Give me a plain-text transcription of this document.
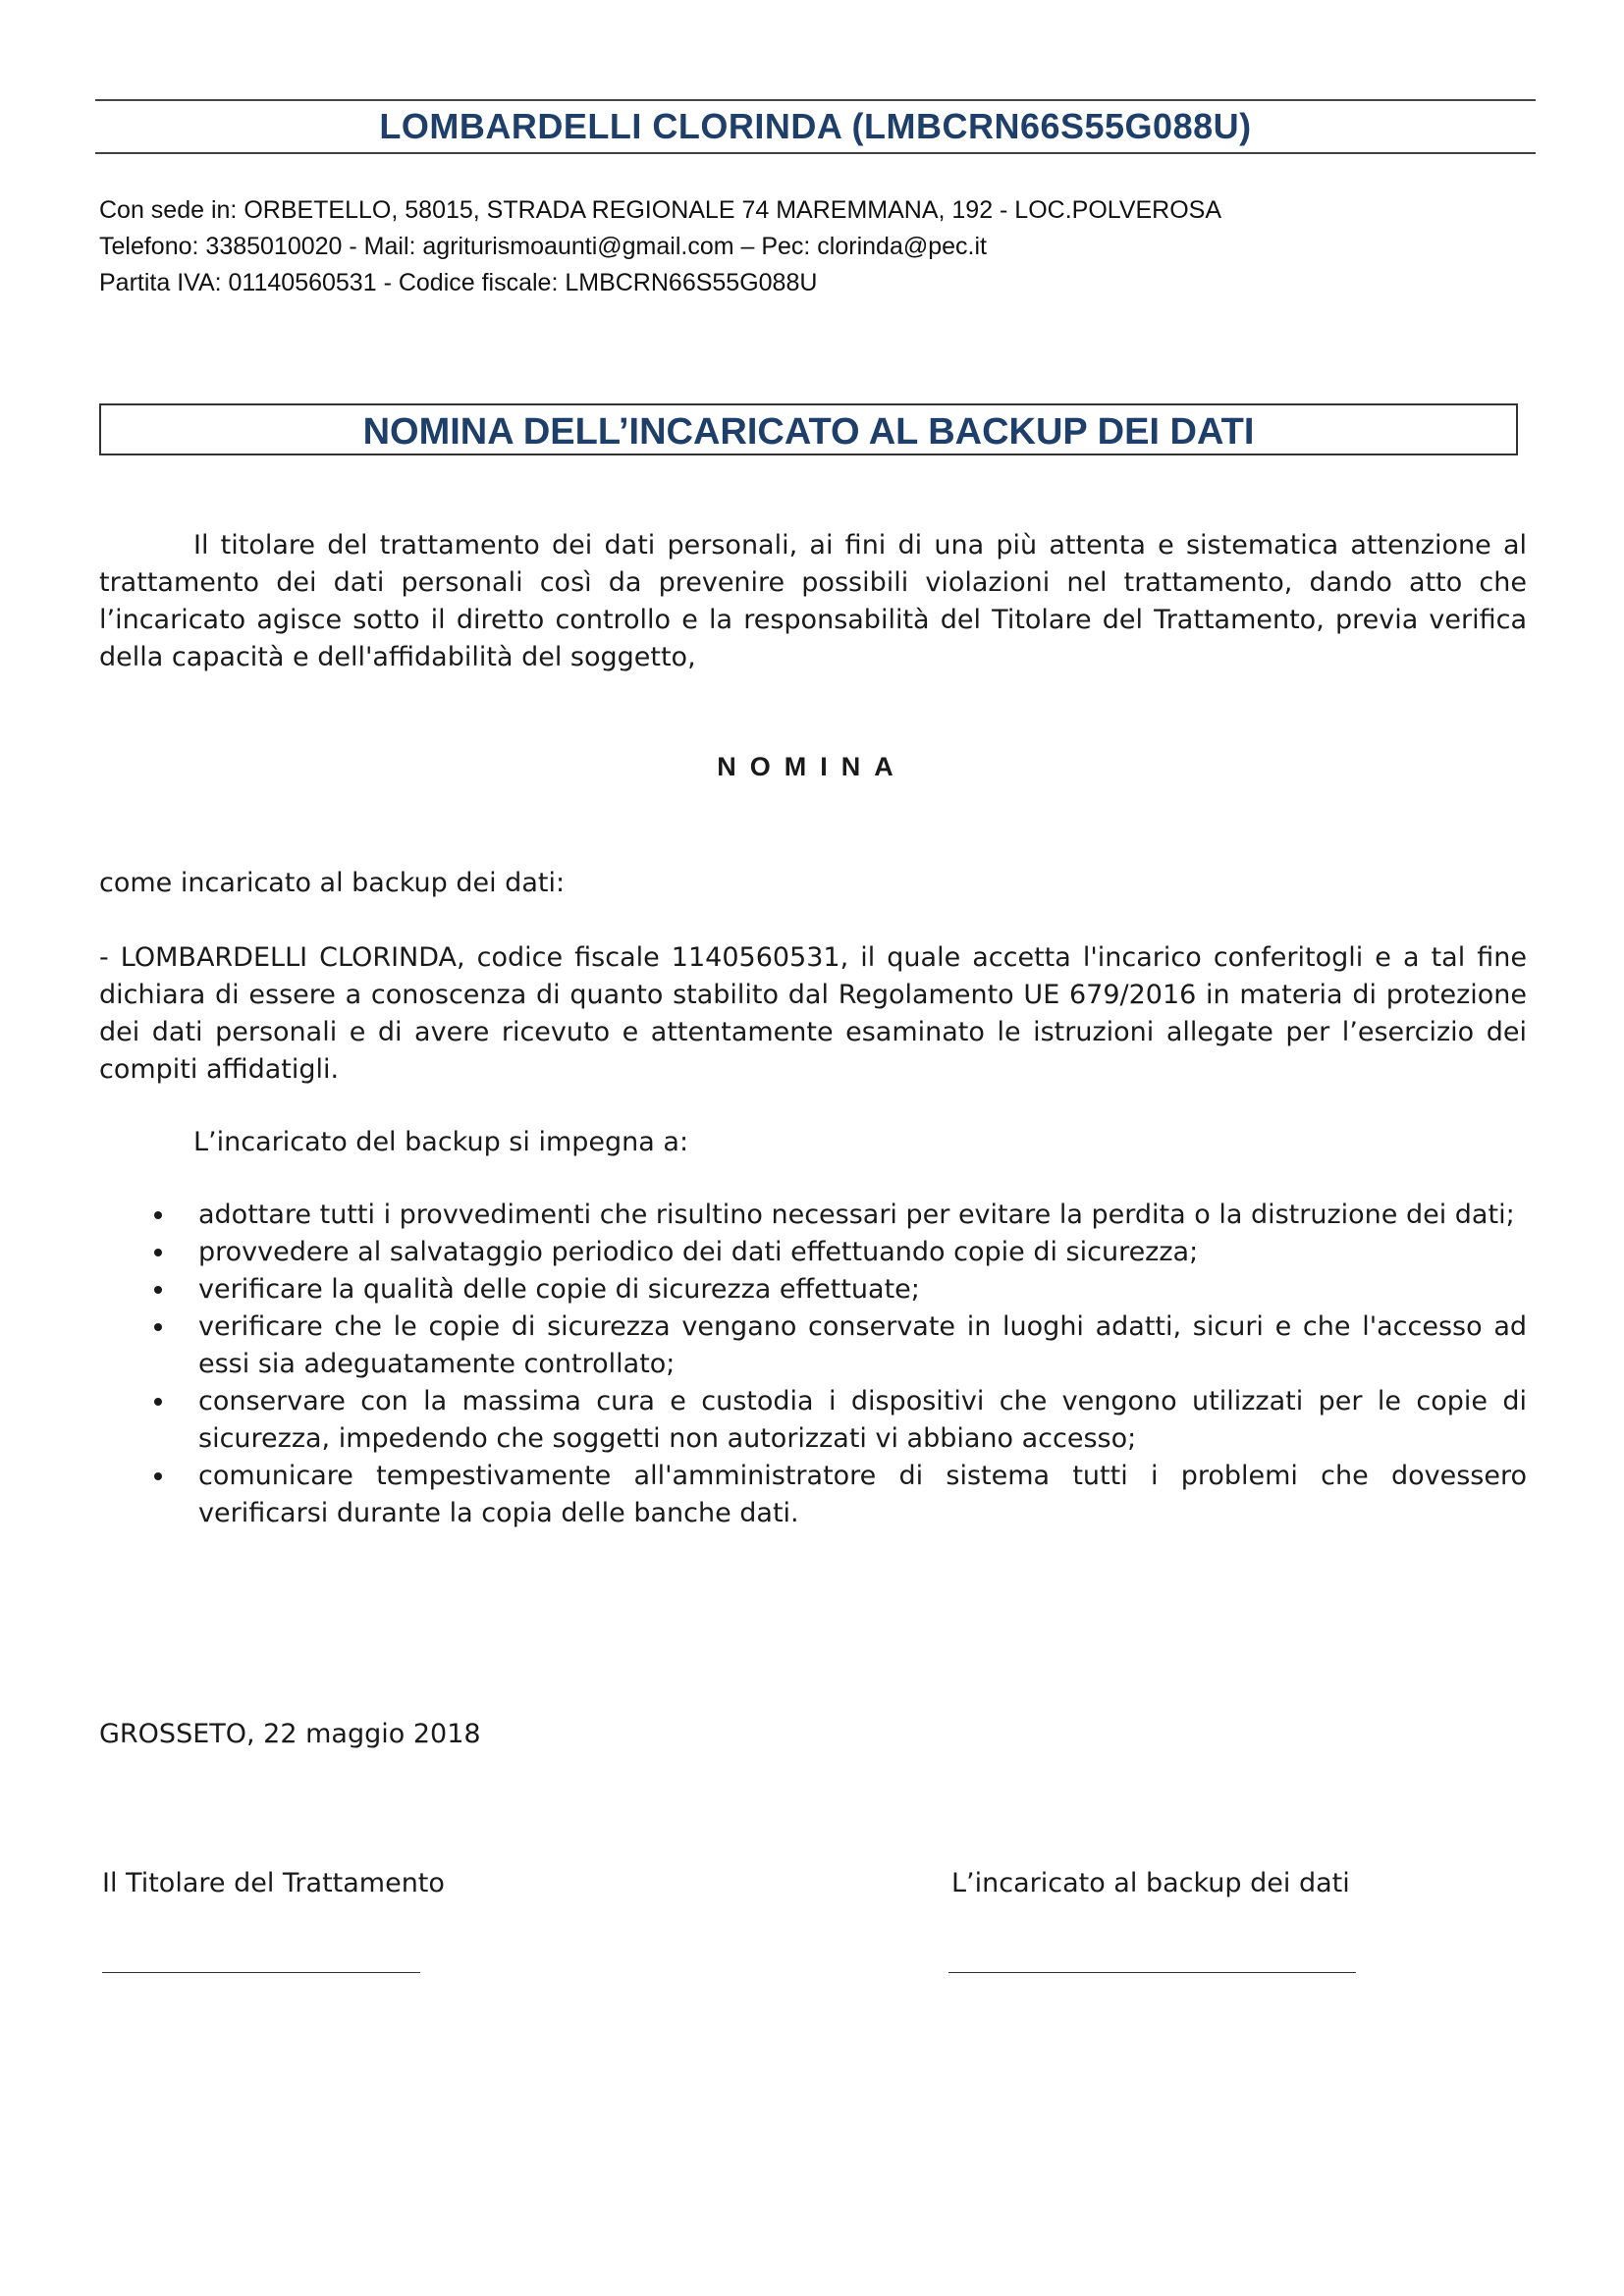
LOMBARDELLI CLORINDA (LMBCRN66S55G088U)
Con sede in: ORBETELLO, 58015, STRADA REGIONALE 74 MAREMMANA, 192 - LOC.POLVEROSA
Telefono: 3385010020 - Mail: agriturismoaunti@gmail.com – Pec: clorinda@pec.it
Partita IVA: 01140560531 - Codice fiscale: LMBCRN66S55G088U
NOMINA DELL’INCARICATO AL BACKUP DEI DATI
Il titolare del trattamento dei dati personali, ai fini di una più attenta e sistematica attenzione al trattamento dei dati personali così da prevenire possibili violazioni nel trattamento, dando atto che l’incaricato agisce sotto il diretto controllo e la responsabilità del Titolare del Trattamento, previa verifica della capacità e dell'affidabilità del soggetto,
NOMINA
come incaricato al backup dei dati:
- LOMBARDELLI CLORINDA, codice fiscale 1140560531, il quale accetta l'incarico conferitogli e a tal fine dichiara di essere a conoscenza di quanto stabilito dal Regolamento UE 679/2016 in materia di protezione dei dati personali e di avere ricevuto e attentamente esaminato le istruzioni allegate per l’esercizio dei compiti affidatigli.
L’incaricato del backup si impegna a:
adottare tutti i provvedimenti che risultino necessari per evitare la perdita o la distruzione dei dati;
provvedere al salvataggio periodico dei dati effettuando copie di sicurezza;
verificare la qualità delle copie di sicurezza effettuate;
verificare che le copie di sicurezza vengano conservate in luoghi adatti, sicuri e che l'accesso ad essi sia adeguatamente controllato;
conservare con la massima cura e custodia i dispositivi che vengono utilizzati per le copie di sicurezza, impedendo che soggetti non autorizzati vi abbiano accesso;
comunicare tempestivamente all'amministratore di sistema tutti i problemi che dovessero verificarsi durante la copia delle banche dati.
GROSSETO, 22 maggio 2018
Il Titolare del Trattamento	L’incaricato al backup dei dati
